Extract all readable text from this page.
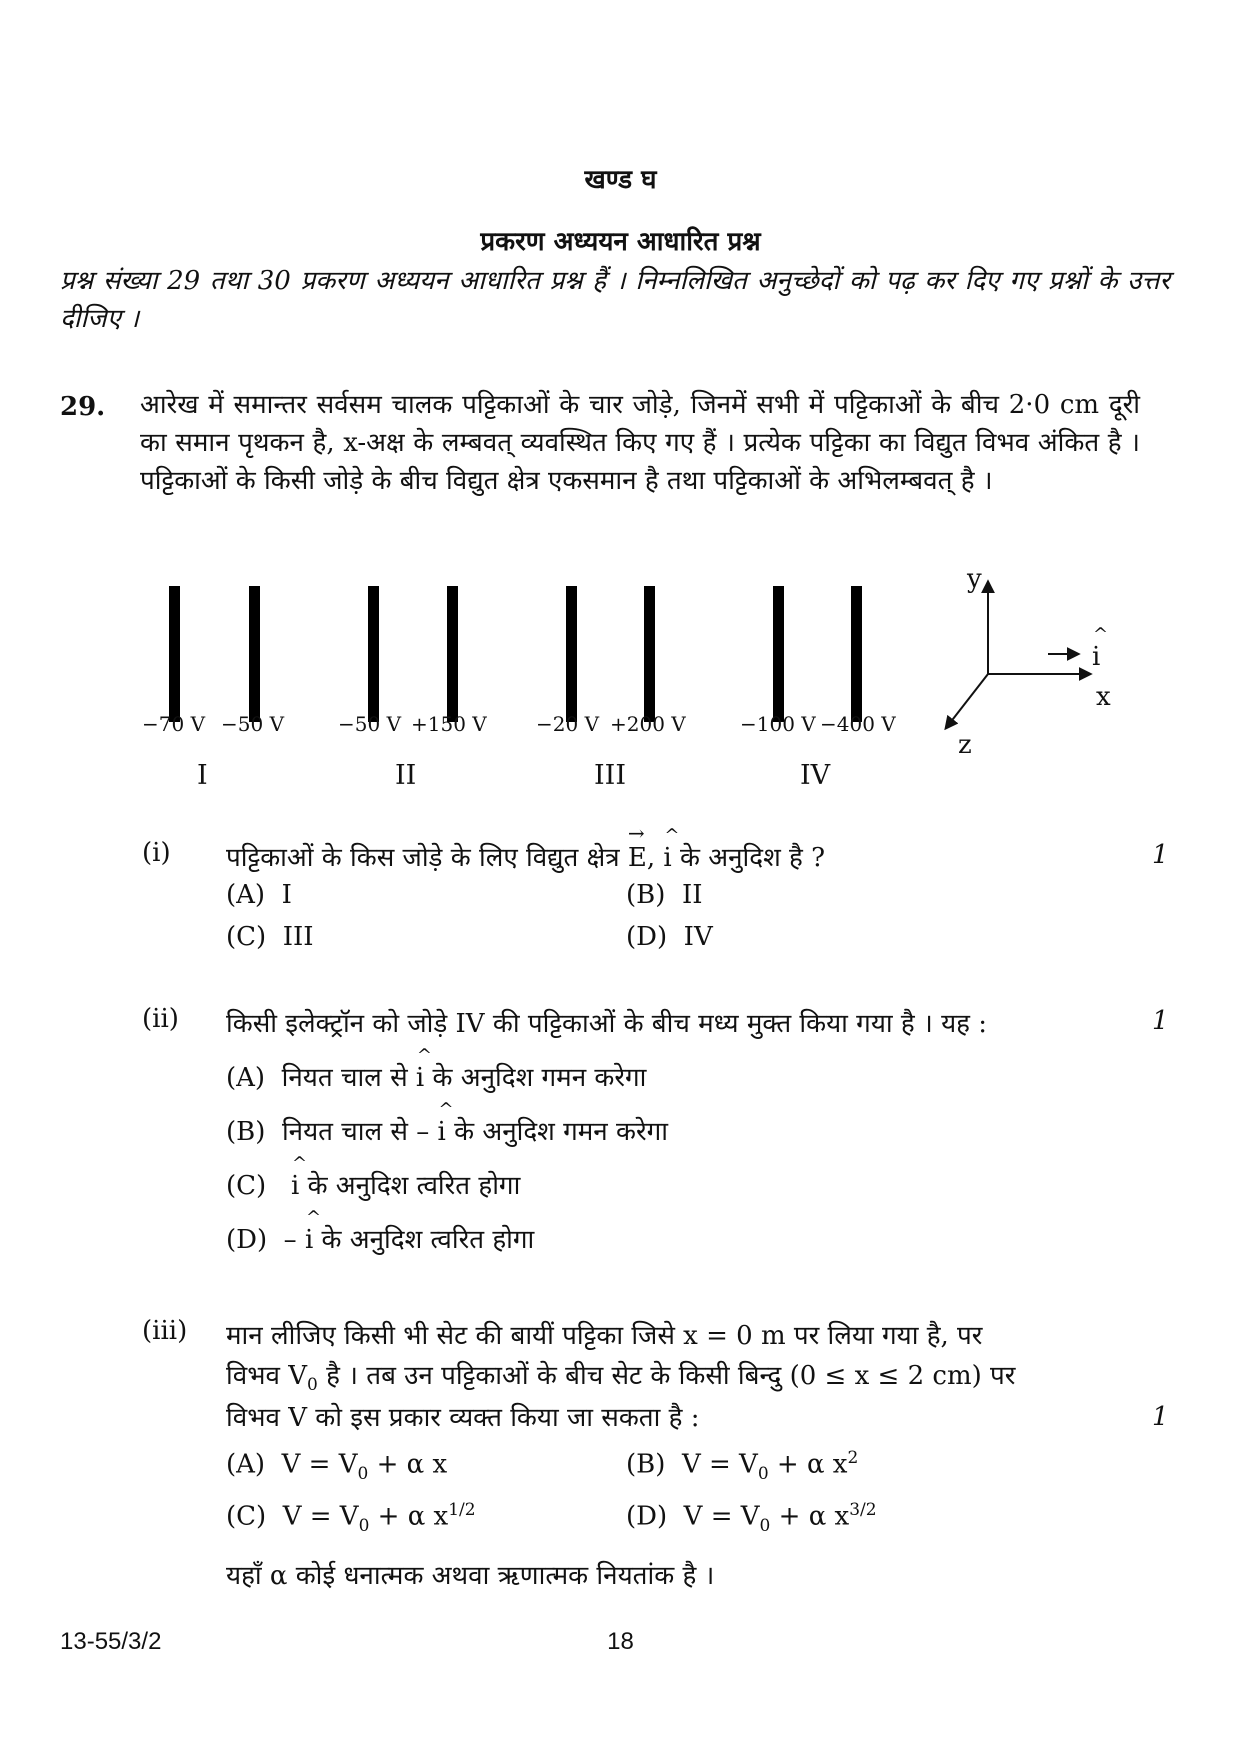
खण्ड घ
प्रकरण अध्ययन आधारित प्रश्न
प्रश्न संख्या 29 तथा 30 प्रकरण अध्ययन आधारित प्रश्न हैं । निम्नलिखित अनुच्छेदों को पढ़ कर दिए गए प्रश्नों के उत्तर दीजिए ।
29. आरेख में समान्तर सर्वसम चालक पट्टिकाओं के चार जोड़े, जिनमें सभी में पट्टिकाओं के बीच 2·0 cm दूरी का समान पृथकन है, x-अक्ष के लम्बवत् व्यवस्थित किए गए हैं । प्रत्येक पट्टिका का विद्युत विभव अंकित है । पट्टिकाओं के किसी जोड़े के बीच विद्युत क्षेत्र एकसमान है तथा पट्टिकाओं के अभिलम्बवत् है ।
−70 V −50 V	−50 V +150 V −20 V +200 V	−100 V −400 V
I	II	III	IV
y
x
z
^ i
(i) पट्टिकाओं के किस जोड़े के लिए विद्युत क्षेत्र → E, ^ i के अनुदिश है ?	1
(A) I	(B) II
(C) III	(D) IV
(ii) किसी इलेक्ट्रॉन को जोड़े IV की पट्टिकाओं के बीच मध्य मुक्त किया गया है । यह :	1
(A) नियत चाल से ^ i के अनुदिश गमन करेगा
(B) नियत चाल से – ^ i के अनुदिश गमन करेगा
(C) ^ i के अनुदिश त्वरित होगा
(D) – ^ i के अनुदिश त्वरित होगा
(iii) मान लीजिए किसी भी सेट की बायीं पट्टिका जिसे x = 0 m पर लिया गया है, पर
विभव $V_0$ है । तब उन पट्टिकाओं के बीच सेट के किसी बिन्दु (0 ≤ x ≤ 2 cm) पर
विभव V को इस प्रकार व्यक्त किया जा सकता है :	1
(A) $V = V_0 + \alpha$ x	(B) $V = V_0 + \alpha$ $x^2$
(C) $V = V_0 + \alpha$ $x^{1/2}$	(D) $V = V_0 + \alpha$ $x^{3/2}$
यहाँ α कोई धनात्मक अथवा ऋणात्मक नियतांक है ।
13-55/3/2	18
